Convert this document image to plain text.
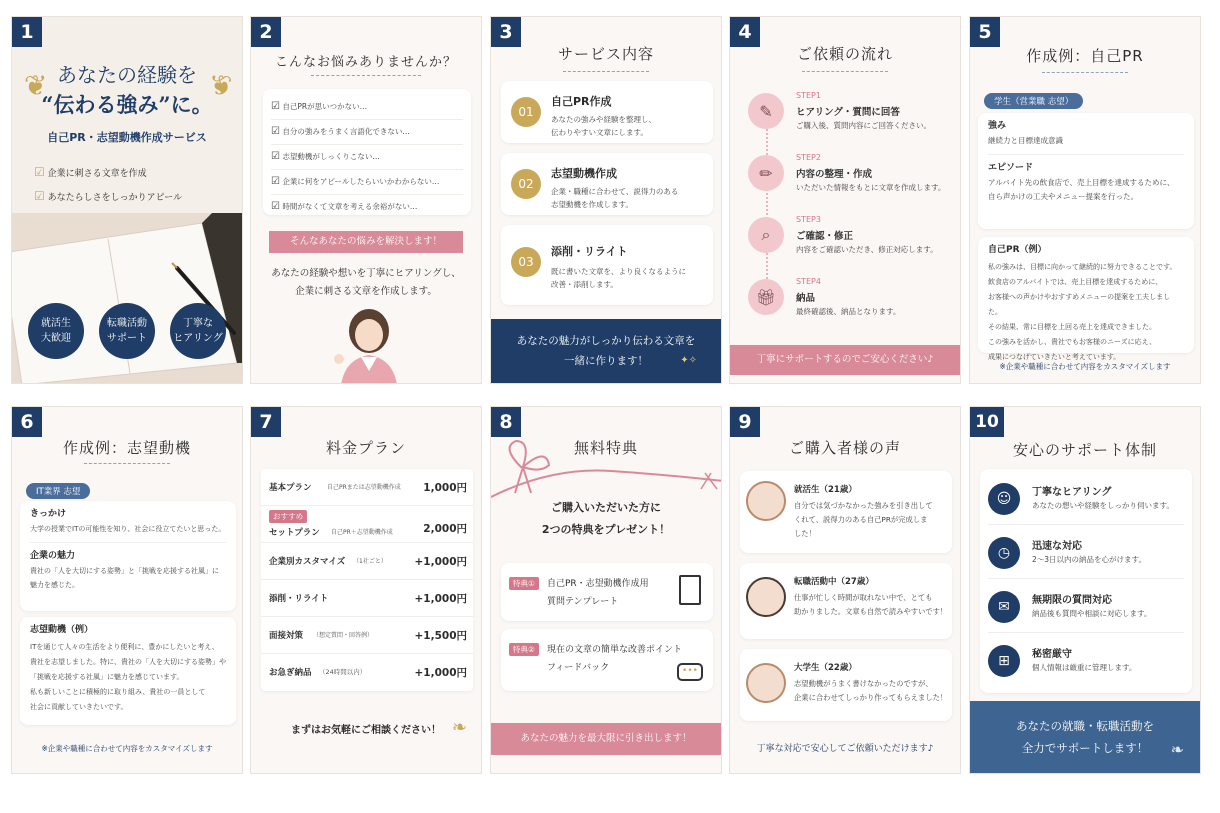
1
❦	❦
あなたの経験を
“伝わる強み”に。
自己PR・志望動機作成サービス
☑ 企業に刺さる文章を作成
☑ あなたらしさをしっかりアピール
就活生
大歓迎
転職活動
サポート
丁寧な
ヒアリング
2
こんなお悩みありませんか？
☑ 自己PRが思いつかない…
☑ 自分の強みをうまく言語化できない…
☑ 志望動機がしっくりこない…
☑ 企業に何をアピールしたらいいかわからない…
☑ 時間がなくて文章を考える余裕がない…
そんなあなたの悩みを解決します！
あなたの経験や想いを丁寧にヒアリングし、
企業に刺さる文章を作成します。
3
サービス内容
01
自己PR作成
あなたの強みや経験を整理し、
伝わりやすい文章にします。
02
志望動機作成
企業・職種に合わせて、説得力のある
志望動機を作成します。
03
添削・リライト
既に書いた文章を、より良くなるように
改善・添削します。
あなたの魅力がしっかり伝わる文章を
一緒に作ります！	✦✧
4
ご依頼の流れ
✎
STEP1
ヒアリング・質問に回答
ご購入後、質問内容にご回答ください。
✏
STEP2
内容の整理・作成
いただいた情報をもとに文章を作成します。
⌕
STEP3
ご確認・修正
内容をご確認いただき、修正対応します。
🎁︎
STEP4
納品
最終確認後、納品となります。
丁寧にサポートするのでご安心ください♪
5
作成例：自己PR
学生（営業職 志望）
強み
継続力と目標達成意識
エピソード
アルバイト先の飲食店で、売上目標を達成するために、
自ら声かけの工夫やメニュー提案を行った。
自己PR（例）
私の強みは、目標に向かって継続的に努力できることです。
飲食店のアルバイトでは、売上目標を達成するために、
お客様への声かけやおすすめメニューの提案を工夫しました。
その結果、常に目標を上回る売上を達成できました。
この強みを活かし、貴社でもお客様のニーズに応え、
成果につなげていきたいと考えています。
※企業や職種に合わせて内容をカスタマイズします
6
作成例：志望動機
IT業界 志望
きっかけ
大学の授業でITの可能性を知り、社会に役立てたいと思った。
企業の魅力
貴社の「人を大切にする姿勢」と「挑戦を応援する社風」に
魅力を感じた。
志望動機（例）
ITを通じて人々の生活をより便利に、豊かにしたいと考え、
貴社を志望しました。特に、貴社の「人を大切にする姿勢」や
「挑戦を応援する社風」に魅力を感じています。
私も新しいことに積極的に取り組み、貴社の一員として
社会に貢献していきたいです。
※企業や職種に合わせて内容をカスタマイズします
7
料金プラン
基本プラン	自己PRまたは志望動機作成 1,000円
おすすめ
セットプラン 自己PR＋志望動機作成	2,000円
企業別カスタマイズ （1社ごと）	+1,000円
添削・リライト	+1,000円
面接対策 （想定質問・回答例）	+1,500円
お急ぎ納品 （24時間以内）	+1,000円
まずはお気軽にご相談ください！ ❧
8
無料特典
ご購入いただいた方に
2つの特典をプレゼント！
特典①	自己PR・志望動機作成用
質問テンプレート
特典②	現在の文章の簡単な改善ポイント
フィードバック	•••
あなたの魅力を最大限に引き出します！
9
ご購入者様の声
就活生（21歳）
自分では気づかなかった強みを引き出して
くれて、説得力のある自己PRが完成しま
した！
転職活動中（27歳）
仕事が忙しく時間が取れない中で、とても
助かりました。文章も自然で読みやすいです！
大学生（22歳）
志望動機がうまく書けなかったのですが、
企業に合わせてしっかり作ってもらえました！
丁寧な対応で安心してご依頼いただけます♪
10
安心のサポート体制
☺	丁寧なヒアリング
あなたの想いや経験をしっかり伺います。
◷	迅速な対応
2〜3日以内の納品を心がけます。
✉	無期限の質問対応
納品後も質問や相談に対応します。
⊞	秘密厳守
個人情報は厳重に管理します。
あなたの就職・転職活動を
全力でサポートします！	❧
